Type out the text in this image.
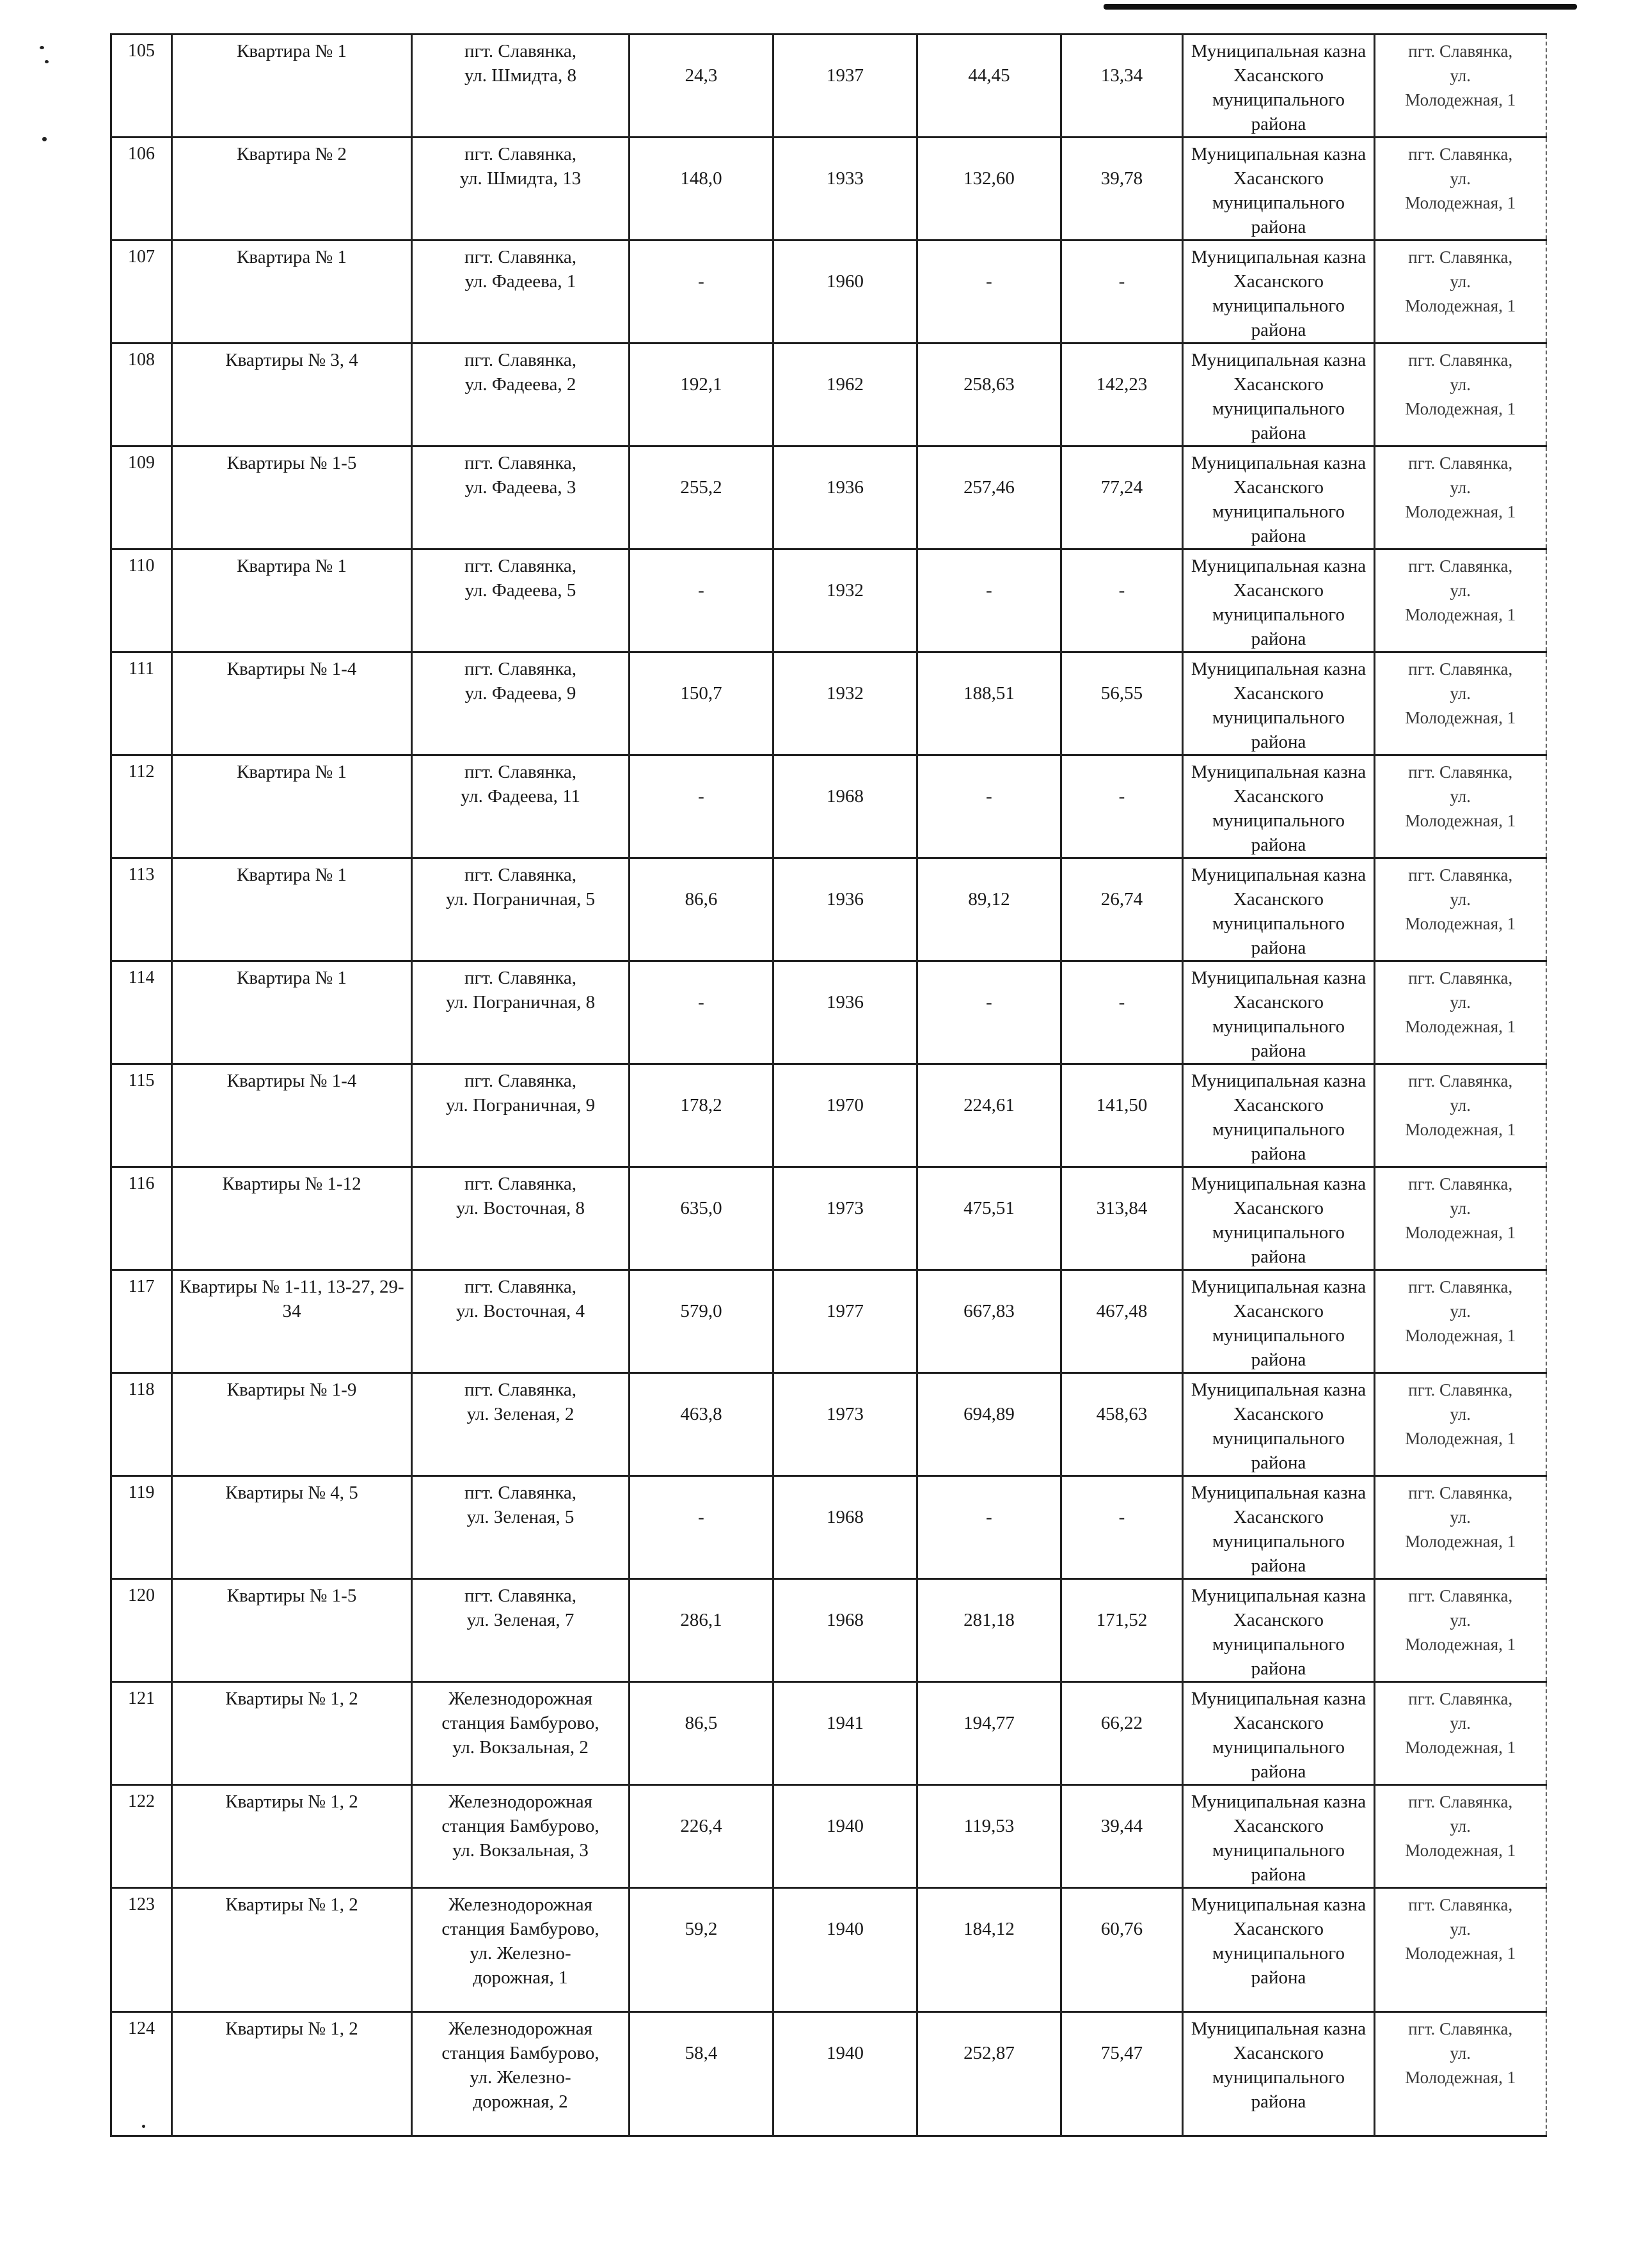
105	Квартира № 1	пгт. Славянка,
ул. Шмидта, 8	24,3	1937	44,45	13,34	Муниципальная казна Хасанского муниципального района	пгт. Славянка,
ул.
Молодежная, 1
106	Квартира № 2	пгт. Славянка,
ул. Шмидта, 13	148,0	1933	132,60	39,78	Муниципальная казна Хасанского муниципального района	пгт. Славянка,
ул.
Молодежная, 1
107	Квартира № 1	пгт. Славянка,
ул. Фадеева, 1	-	1960	-	-	Муниципальная казна Хасанского муниципального района	пгт. Славянка,
ул.
Молодежная, 1
108	Квартиры № 3, 4	пгт. Славянка,
ул. Фадеева, 2	192,1	1962	258,63	142,23	Муниципальная казна Хасанского муниципального района	пгт. Славянка,
ул.
Молодежная, 1
109	Квартиры № 1-5	пгт. Славянка,
ул. Фадеева, 3	255,2	1936	257,46	77,24	Муниципальная казна Хасанского муниципального района	пгт. Славянка,
ул.
Молодежная, 1
110	Квартира № 1	пгт. Славянка,
ул. Фадеева, 5	-	1932	-	-	Муниципальная казна Хасанского муниципального района	пгт. Славянка,
ул.
Молодежная, 1
111	Квартиры № 1-4	пгт. Славянка,
ул. Фадеева, 9	150,7	1932	188,51	56,55	Муниципальная казна Хасанского муниципального района	пгт. Славянка,
ул.
Молодежная, 1
112	Квартира № 1	пгт. Славянка,
ул. Фадеева, 11	-	1968	-	-	Муниципальная казна Хасанского муниципального района	пгт. Славянка,
ул.
Молодежная, 1
113	Квартира № 1	пгт. Славянка,
ул. Пограничная, 5	86,6	1936	89,12	26,74	Муниципальная казна Хасанского муниципального района	пгт. Славянка,
ул.
Молодежная, 1
114	Квартира № 1	пгт. Славянка,
ул. Пограничная, 8	-	1936	-	-	Муниципальная казна Хасанского муниципального района	пгт. Славянка,
ул.
Молодежная, 1
115	Квартиры № 1-4	пгт. Славянка,
ул. Пограничная, 9	178,2	1970	224,61	141,50	Муниципальная казна Хасанского муниципального района	пгт. Славянка,
ул.
Молодежная, 1
116	Квартиры № 1-12	пгт. Славянка,
ул. Восточная, 8	635,0	1973	475,51	313,84	Муниципальная казна Хасанского муниципального района	пгт. Славянка,
ул.
Молодежная, 1
117	Квартиры № 1-11, 13-27, 29-34	пгт. Славянка,
ул. Восточная, 4	579,0	1977	667,83	467,48	Муниципальная казна Хасанского муниципального района	пгт. Славянка,
ул.
Молодежная, 1
118	Квартиры № 1-9	пгт. Славянка,
ул. Зеленая, 2	463,8	1973	694,89	458,63	Муниципальная казна Хасанского муниципального района	пгт. Славянка,
ул.
Молодежная, 1
119	Квартиры № 4, 5	пгт. Славянка,
ул. Зеленая, 5	-	1968	-	-	Муниципальная казна Хасанского муниципального района	пгт. Славянка,
ул.
Молодежная, 1
120	Квартиры № 1-5	пгт. Славянка,
ул. Зеленая, 7	286,1	1968	281,18	171,52	Муниципальная казна Хасанского муниципального района	пгт. Славянка,
ул.
Молодежная, 1
121	Квартиры № 1, 2	Железнодорожная
станция Бамбурово,
ул. Вокзальная, 2	86,5	1941	194,77	66,22	Муниципальная казна Хасанского муниципального района	пгт. Славянка,
ул.
Молодежная, 1
122	Квартиры № 1, 2	Железнодорожная
станция Бамбурово,
ул. Вокзальная, 3	226,4	1940	119,53	39,44	Муниципальная казна Хасанского муниципального района	пгт. Славянка,
ул.
Молодежная, 1
123	Квартиры № 1, 2	Железнодорожная
станция Бамбурово,
ул. Железно-
дорожная, 1	59,2	1940	184,12	60,76	Муниципальная казна Хасанского муниципального района	пгт. Славянка,
ул.
Молодежная, 1
124	Квартиры № 1, 2	Железнодорожная
станция Бамбурово,
ул. Железно-
дорожная, 2	58,4	1940	252,87	75,47	Муниципальная казна Хасанского муниципального района	пгт. Славянка,
ул.
Молодежная, 1
